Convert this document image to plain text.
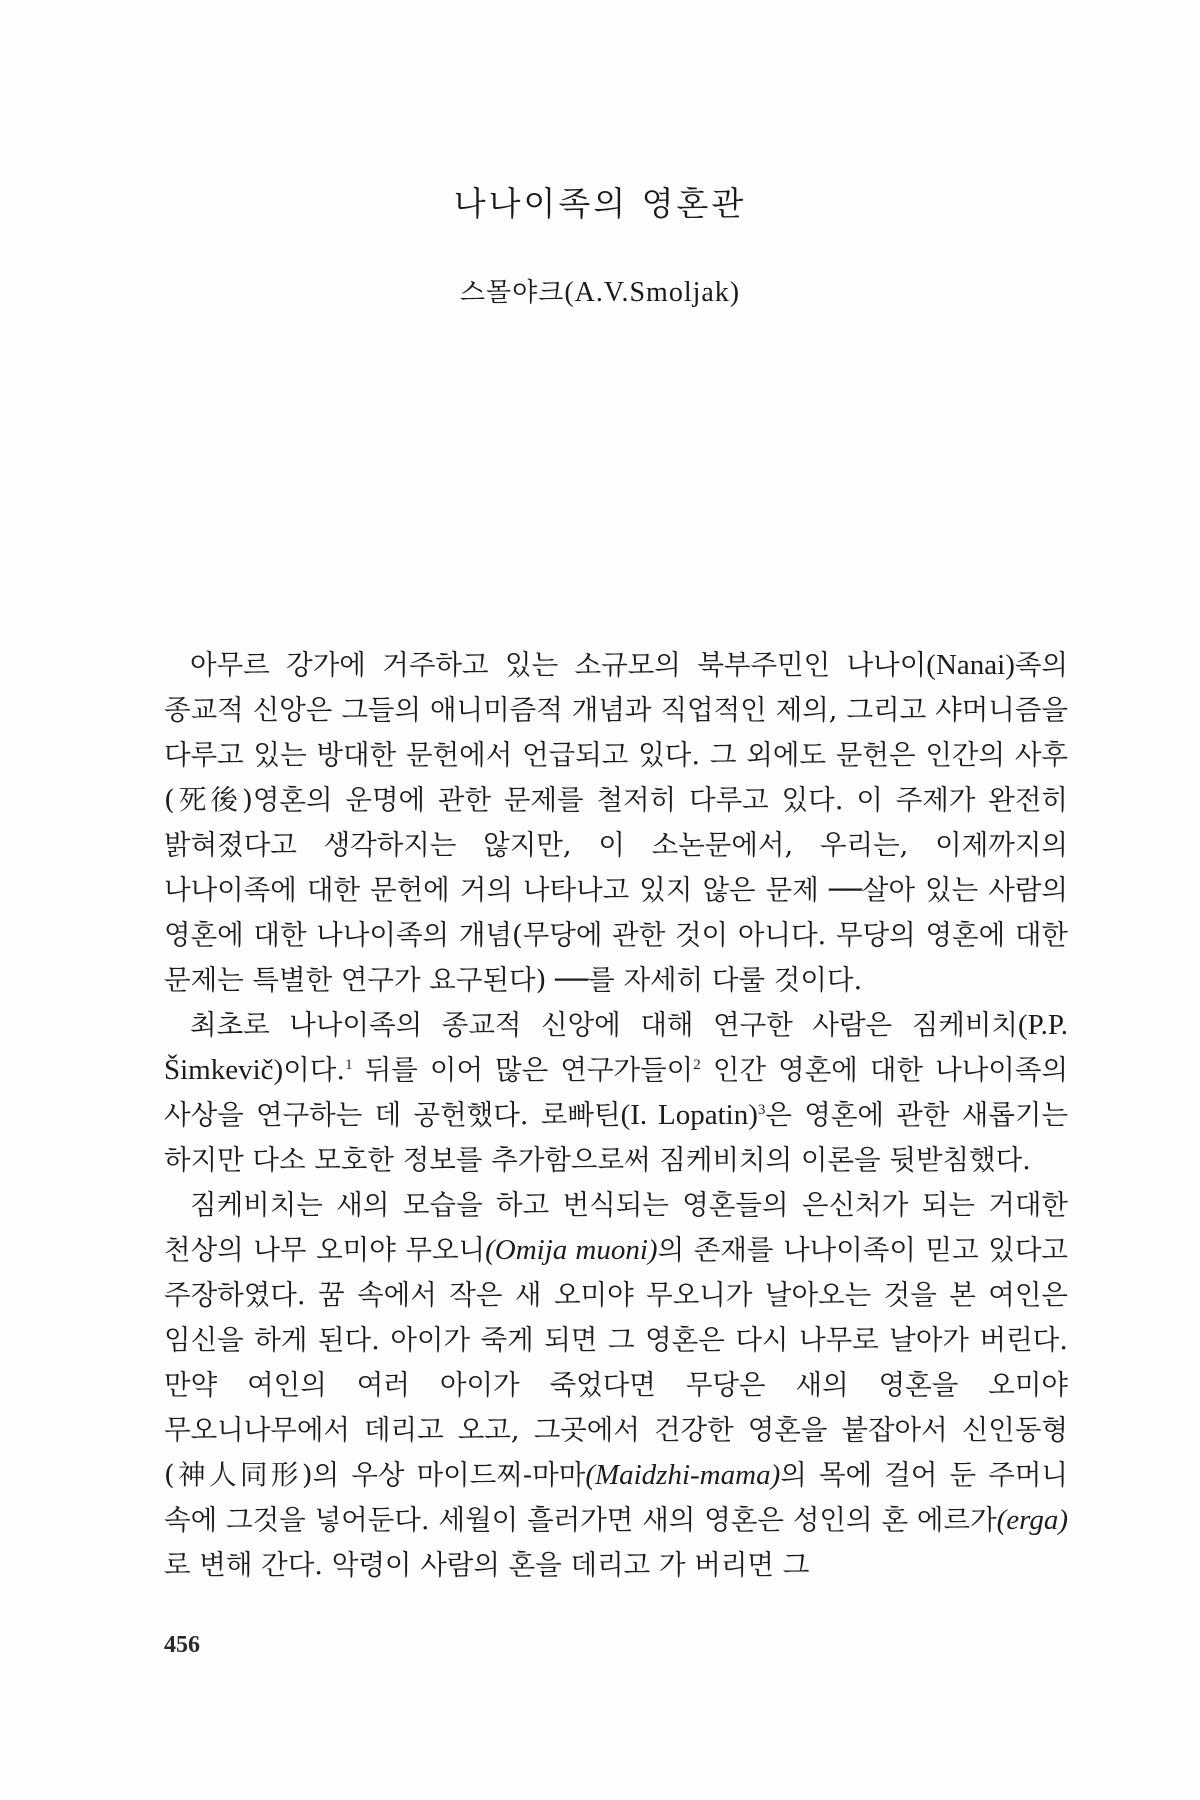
나나이족의 영혼관
스몰야크(A.V.Smoljak)

아무르 강가에 거주하고 있는 소규모의 북부주민인 나나이(Nanai)족의 종교적 신앙은 그들의 애니미즘적 개념과 직업적인 제의, 그리고 샤머니즘을 다루고 있는 방대한 문헌에서 언급되고 있다. 그 외에도 문헌은 인간의 사후(死後)영혼의 운명에 관한 문제를 철저히 다루고 있다. 이 주제가 완전히 밝혀졌다고 생각하지는 않지만, 이 소논문에서, 우리는, 이제까지의 나나이족에 대한 문헌에 거의 나타나고 있지 않은 문제 ──살아 있는 사람의 영혼에 대한 나나이족의 개념(무당에 관한 것이 아니다. 무당의 영혼에 대한 문제는 특별한 연구가 요구된다) ──를 자세히 다룰 것이다.

최초로 나나이족의 종교적 신앙에 대해 연구한 사람은 짐케비치(P.P. Šimkevič)이다.$^1$ 뒤를 이어 많은 연구가들이$^2$ 인간 영혼에 대한 나나이족의 사상을 연구하는 데 공헌했다. 로빠틴(I. Lopatin)$^3$은 영혼에 관한 새롭기는 하지만 다소 모호한 정보를 추가함으로써 짐케비치의 이론을 뒷받침했다.

짐케비치는 새의 모습을 하고 번식되는 영혼들의 은신처가 되는 거대한 천상의 나무 오미야 무오니(Omija muoni)의 존재를 나나이족이 믿고 있다고 주장하였다. 꿈 속에서 작은 새 오미야 무오니가 날아오는 것을 본 여인은 임신을 하게 된다. 아이가 죽게 되면 그 영혼은 다시 나무로 날아가 버린다. 만약 여인의 여러 아이가 죽었다면 무당은 새의 영혼을 오미야 무오니나무에서 데리고 오고, 그곳에서 건강한 영혼을 붙잡아서 신인동형(神人同形)의 우상 마이드찌-마마(Maidzhi-mama)의 목에 걸어 둔 주머니 속에 그것을 넣어둔다. 세월이 흘러가면 새의 영혼은 성인의 혼 에르가(erga)로 변해 간다. 악령이 사람의 혼을 데리고 가 버리면 그

456
